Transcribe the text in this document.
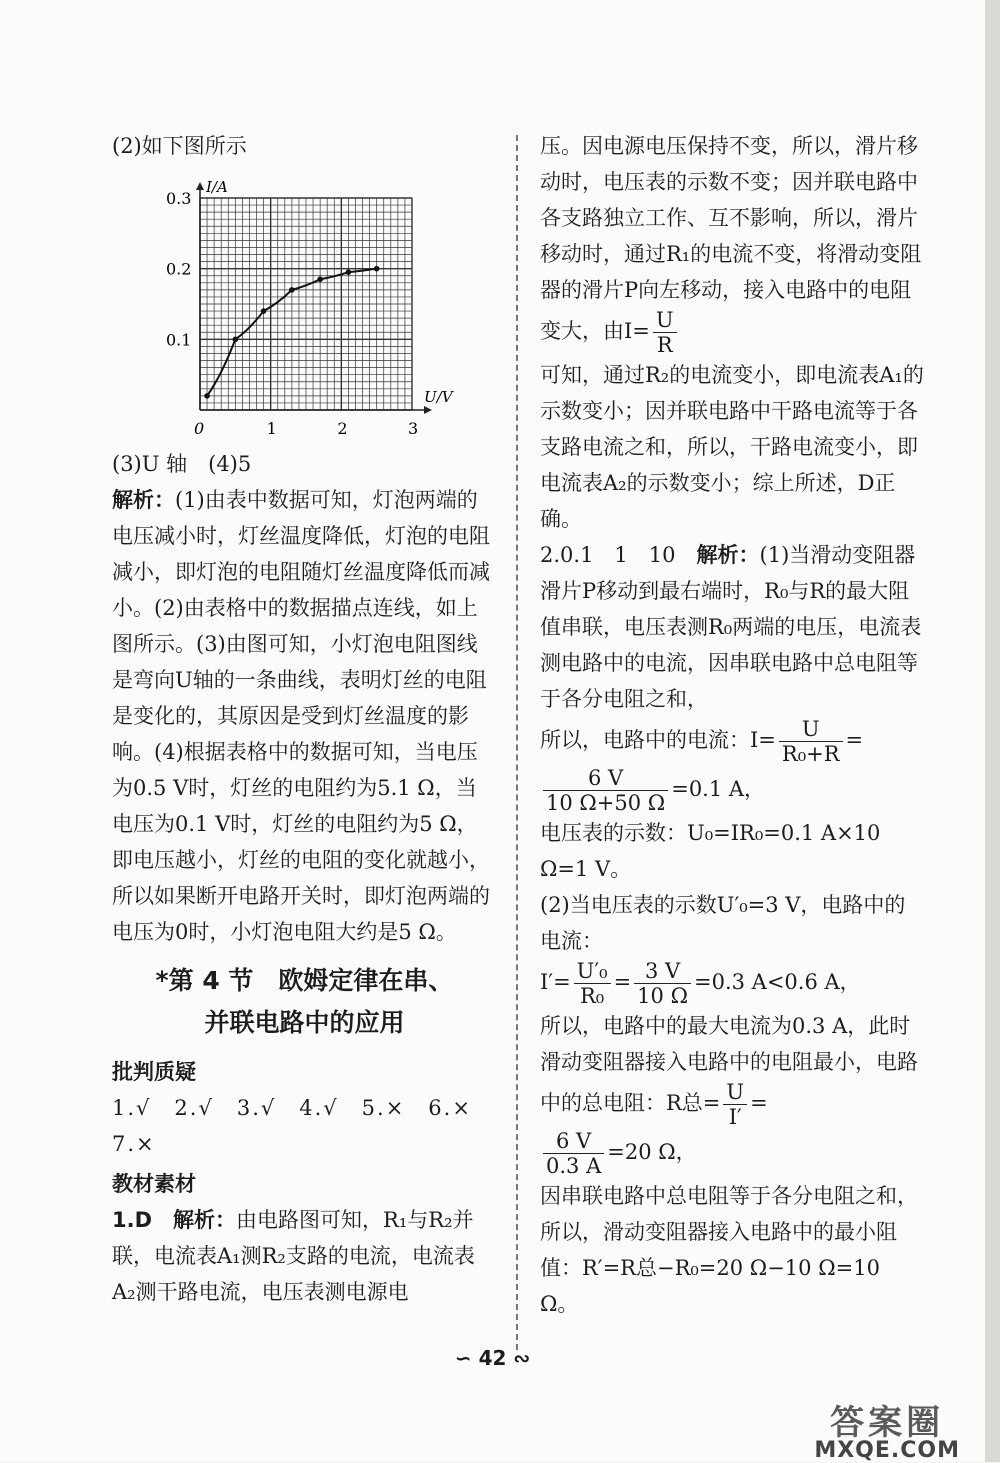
(2)如下图所示

I/A
U/V
0	1	2	3
0.1
0.2
0.3

(3)U 轴　(4)5

解析：(1)由表中数据可知，灯泡两端的电压减小时，灯丝温度降低，灯泡的电阻减小，即灯泡的电阻随灯丝温度降低而减小。(2)由表格中的数据描点连线，如上图所示。(3)由图可知，小灯泡电阻图线是弯向U轴的一条曲线，表明灯丝的电阻是变化的，其原因是受到灯丝温度的影响。(4)根据表格中的数据可知，当电压为0.5 V时，灯丝的电阻约为5.1 Ω，当电压为0.1 V时，灯丝的电阻约为5 Ω，即电压越小，灯丝的电阻的变化就越小，所以如果断开电路开关时，即灯泡两端的电压为0时，小灯泡电阻大约是5 Ω。

*第 4 节　欧姆定律在串、
并联电路中的应用

批判质疑

1.√　2.√　3.√　4.√　5.×　6.×

7.×

教材素材

1.D　 解析：由电路图可知，R₁与R₂并联，电流表A₁测R₂支路的电流，电流表A₂测干路电流，电压表测电源电

压。因电源电压保持不变，所以，滑片移动时，电压表的示数不变；因并联电路中各支路独立工作、互不影响，所以，滑片移动时，通过R₁的电流不变，将滑动变阻器的滑片P向左移动，接入电路中的电阻变大，由$I= \frac{U}{R}$

可知，通过R₂的电流变小，即电流表A₁的示数变小；因并联电路中干路电流等于各支路电流之和，所以，干路电流变小，即电流表A₂的示数变小；综上所述，D正确。

2.0.1　1　10　 解析：(1)当滑动变阻器滑片P移动到最右端时，R₀与R的最大阻值串联，电压表测R₀两端的电压，电流表测电路中的电流，因串联电路中总电阻等于各分电阻之和，

所以，电路中的电流：$I= \frac{U}{\text{R₀+R}}$ =

$\frac{6 V}{10 \Omega+50 \Omega} =0.1$ A，

电压表的示数：U₀=IR₀=0.1 A×10 Ω=1 V。

(2)当电压表的示数U′₀=3 V，电路中的电流：

$I'= \frac{\text{U′₀}}{\text{R₀}} = \frac{3 V}{10 \Omega} =0.3$ A<0.6 A，

所以，电路中的最大电流为0.3 A，此时滑动变阻器接入电路中的电阻最小，电路中的总电阻：R总= $\frac{U}{I'}$ =

$\frac{6 V}{0.3 A} =20$ Ω，

因串联电路中总电阻等于各分电阻之和，所以，滑动变阻器接入电路中的最小阻值：R′=R总−R₀=20 Ω−10 Ω=10 Ω。

∽ 42 ∾
答案圈
MXQE.COM
